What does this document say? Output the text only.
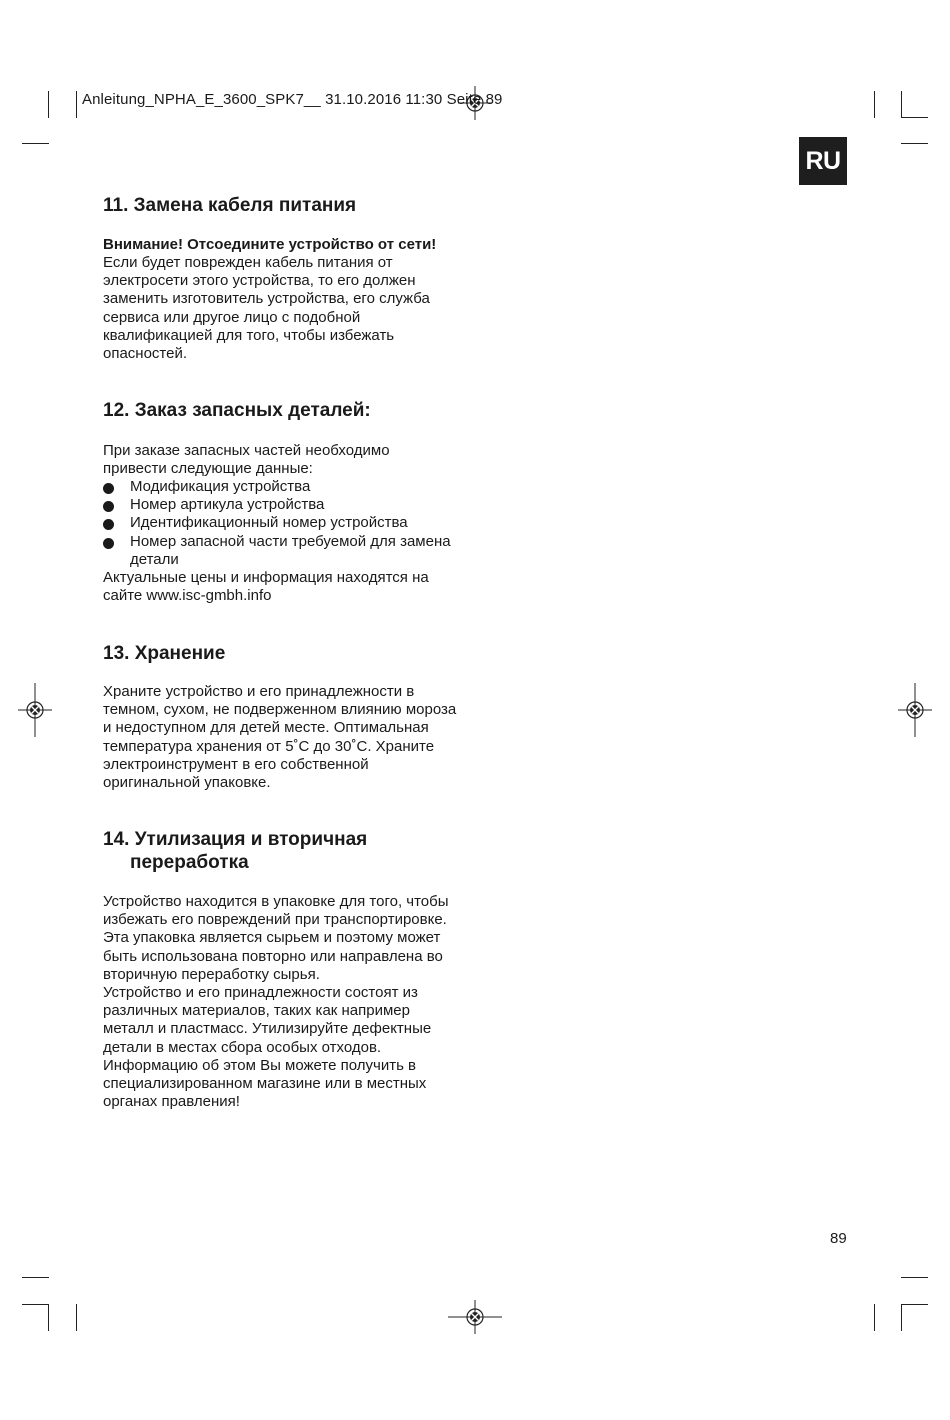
Anleitung_NPHA_E_3600_SPK7__ 31.10.2016 11:30 Seite 89
RU
11. Замена кабеля питания
Внимание! Отсоедините устройство от сети!
Если будет поврежден кабель питания от
электросети этого устройства, то его должен
заменить изготовитель устройства, его служба
сервиса или другое лицо с подобной
квалификацией для того, чтобы избежать
опасностей.
12. Заказ запасных деталей:
При заказе запасных частей необходимо
привести следующие данные:
Модификация устройства
Номер артикула устройства
Идентификационный номер устройства
Номер запасной части требуемой для замена детали
Актуальные цены и информация находятся на
сайте www.isc-gmbh.info
13. Хранение
Храните устройство и его принадлежности в
темном, сухом, не подверженном влиянию мороза
и недоступном для детей месте. Оптимальная
температура хранения от 5˚С до 30˚С. Храните
электроинструмент в его собственной
оригинальной упаковке.
14. Утилизация и вторичная
переработка
Устройство находится в упаковке для того, чтобы
избежать его повреждений при транспортировке.
Эта упаковка является сырьем и поэтому может
быть использована повторно или направлена во
вторичную переработку сырья.
Устройство и его принадлежности состоят из
различных материалов, таких как например
металл и пластмасс. Утилизируйте дефектные
детали в местах сбора особых отходов.
Информацию об этом Вы можете получить в
специализированном магазине или в местных
органах правления!
89
